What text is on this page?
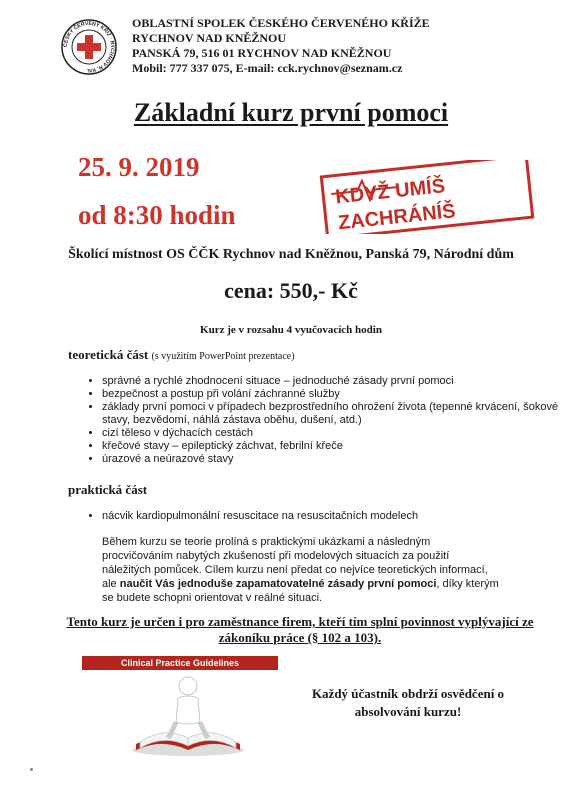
ČESKÝ ČERVENÝ KŘÍŽ · RYCHNOV N. KN.
OBLASTNÍ SPOLEK ČESKÉHO ČERVENÉHO KŘÍŽE
RYCHNOV NAD KNĚŽNOU
PANSKÁ 79, 516 01 RYCHNOV NAD KNĚŽNOU
Mobil: 777 337 075, E-mail: cck.rychnov@seznam.cz
Základní kurz první pomoci
25. 9. 2019
od 8:30 hodin
KDYŽ UMÍŠ
ZACHRÁNÍŠ
Školící místnost OS ČČK Rychnov nad Kněžnou, Panská 79, Národní dům
cena: 550,- Kč
Kurz je v rozsahu 4 vyučovacích hodin
teoretická část (s využitím PowerPoint prezentace)
• správné a rychlé zhodnocení situace – jednoduché zásady první pomoci
• bezpečnost a postup při volání záchranné služby
• základy první pomoci v případech bezprostředního ohrožení života (tepenné krvácení, šokové stavy, bezvědomí, náhlá zástava oběhu, dušení, atd.)
• cizí těleso v dýchacích cestách
• křečové stavy – epileptický záchvat, febrilní křeče
• úrazové a neúrazové stavy
praktická část
• nácvik kardiopulmonální resuscitace na resuscitačních modelech
Během kurzu se teorie prolíná s praktickými ukázkami a následným procvičováním nabytých zkušeností při modelových situacích za použití náležitých pomůcek. Cílem kurzu není předat co nejvíce teoretických informací, ale naučit Vás jednoduše zapamatovatelné zásady první pomoci, díky kterým se budete schopni orientovat v reálné situaci.
Tento kurz je určen i pro zaměstnance firem, kteří tím splní povinnost vyplývající ze zákoníku práce (§ 102 a 103).
Clinical Practice Guidelines
Každý účastník obdrží osvědčení o absolvování kurzu!
